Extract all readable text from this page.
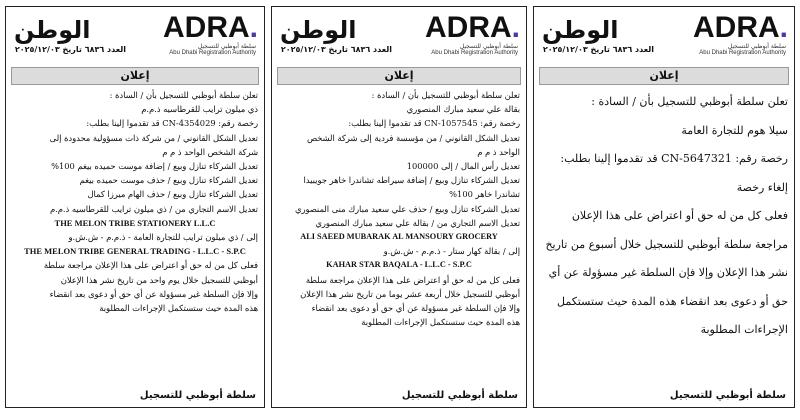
الوطن
العدد ٦٨٣٦ تاريخ ٢٠٢٥/١٢/٠٣
ADRA.
سلطة أبوظبي للتسجيل
Abu Dhabi Registration Authority
إعلان
تعلن سلطة أبوظبي للتسجيل بأن / السادة :
ذي ميلون ترايب للقرطاسيه ذ.م.م
رخصة رقم: CN-4354029 قد تقدموا إلينا بطلب:
تعديل الشكل القانوني / من شركة ذات مسؤولية محدودة إلى
شركة الشخص الواحد ذ م م
تعديل الشركاء تنازل وبيع / إضافة موست حميده بيغم 100%
تعديل الشركاء تنازل وبيع / حذف موست حميده بيغم
تعديل الشركاء تنازل وبيع / حذف الهام ميرزا كمال
تعديل الاسم التجاري من / ذي ميلون ترايب للقرطاسيه ذ.م.م
THE MELON TRIBE STATIONERY L.L.C
إلى / ذي ميلون ترايب للتجارة العامة - ذ.م.م - ش.ش.و
THE MELON TRIBE GENERAL TRADING - L.L.C - S.P.C
فعلى كل من له حق أو اعتراض على هذا الإعلان مراجعة سلطة
أبوظبي للتسجيل خلال يوم واحد من تاريخ نشر هذا الإعلان
وإلا فإن السلطة غير مسؤولة عن أي حق أو دعوى بعد انقضاء
هذه المدة حيث ستستكمل الإجراءات المطلوبة
سلطة أبوظبي للتسجيل
الوطن
العدد ٦٨٣٦ تاريخ ٢٠٢٥/١٢/٠٣
ADRA.
سلطة أبوظبي للتسجيل
Abu Dhabi Registration Authority
إعلان
تعلن سلطة أبوظبي للتسجيل بأن / السادة :
بقالة علي سعيد مبارك المنصوري
رخصة رقم: CN-1057545 قد تقدموا إلينا بطلب:
تعديل الشكل القانوني / من مؤسسة فردية إلى شركة الشخص
الواحد ذ م م
تعديل رأس المال / إلى 100000
تعديل الشركاء تنازل وبيع / إضافة سيراطه تشاندرا خاهر جويبيدا
تشاندرا خاهر 100%
تعديل الشركاء تنازل وبيع / حذف علي سعيد مبارك منى المنصوري
تعديل الاسم التجاري من / بقالة علي سعيد مبارك المنصوري
ALI SAEED MUBARAK AL MANSOURY GROCERY
إلى / بقالة كهار ستار - ذ.م.م - ش.ش.و
KAHAR STAR BAQALA - L.L.C - S.P.C
فعلى كل من له حق أو اعتراض على هذا الإعلان مراجعة سلطة
أبوظبي للتسجيل خلال أربعة عشر يوما من تاريخ نشر هذا الإعلان
وإلا فإن السلطة غير مسؤولة عن أي حق أو دعوى بعد انقضاء
هذه المدة حيث ستستكمل الإجراءات المطلوبة
سلطة أبوظبي للتسجيل
الوطن
العدد ٦٨٣٦ تاريخ ٢٠٢٥/١٢/٠٣
ADRA.
سلطة أبوظبي للتسجيل
Abu Dhabi Registration Authority
إعلان
تعلن سلطة أبوظبي للتسجيل بأن / السادة :
سيلا هوم للتجارة العامة
رخصة رقم: CN-5647321 قد تقدموا إلينا بطلب:
إلغاء رخصة
فعلى كل من له حق أو اعتراض على هذا الإعلان
مراجعة سلطة أبوظبي للتسجيل خلال أسبوع من تاريخ
نشر هذا الإعلان وإلا فإن السلطة غير مسؤولة عن أي
حق أو دعوى بعد انقضاء هذه المدة حيث ستستكمل
الإجراءات المطلوبة
سلطة أبوظبي للتسجيل
